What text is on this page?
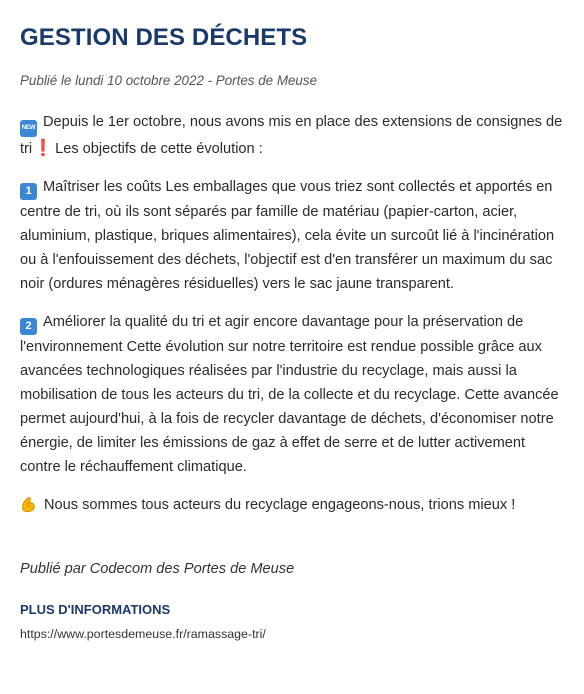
GESTION DES DÉCHETS
Publié le lundi 10 octobre 2022 - Portes de Meuse

NEW Depuis le 1er octobre, nous avons mis en place des extensions de consignes de tri❗ Les objectifs de cette évolution :

1 Maîtriser les coûts Les emballages que vous triez sont collectés et apportés en centre de tri, où ils sont séparés par famille de matériau (papier-carton, acier, aluminium, plastique, briques alimentaires), cela évite un surcoût lié à l'incinération ou à l'enfouissement des déchets, l'objectif est d'en transférer un maximum du sac noir (ordures ménagères résiduelles) vers le sac jaune transparent.

2 Améliorer la qualité du tri et agir encore davantage pour la préservation de l'environnement Cette évolution sur notre territoire est rendue possible grâce aux avancées technologiques réalisées par l'industrie du recyclage, mais aussi la mobilisation de tous les acteurs du tri, de la collecte et du recyclage. Cette avancée permet aujourd'hui, à la fois de recycler davantage de déchets, d'économiser notre énergie, de limiter les émissions de gaz à effet de serre et de lutter activement contre le réchauffement climatique.

Nous sommes tous acteurs du recyclage engageons-nous, trions mieux !

Publié par Codecom des Portes de Meuse
PLUS D'INFORMATIONS
https://www.portesdemeuse.fr/ramassage-tri/
